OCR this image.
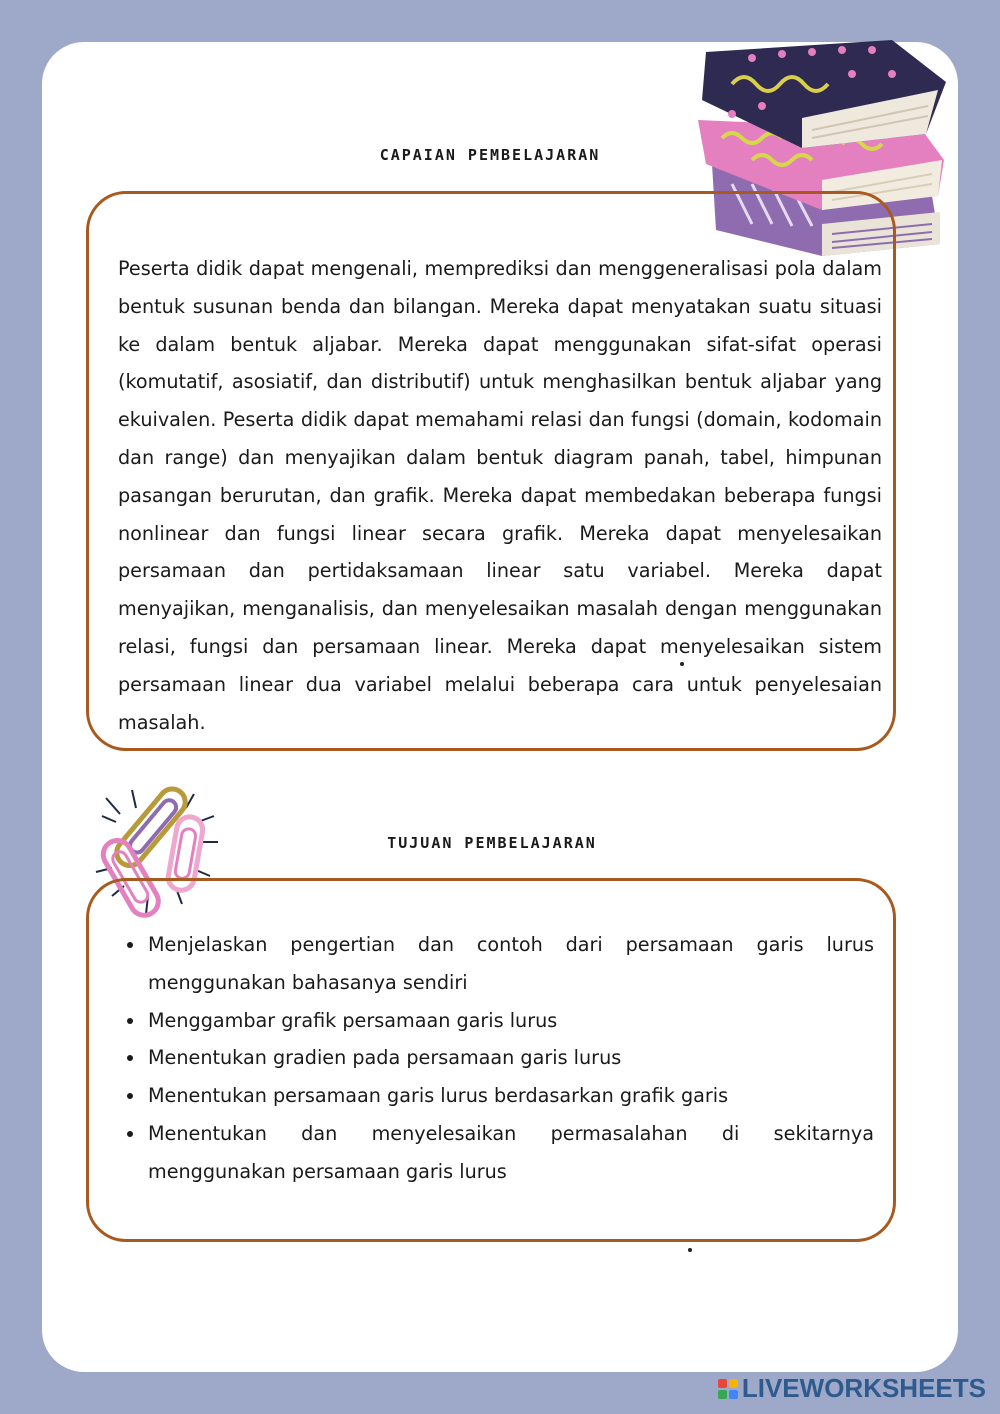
CAPAIAN PEMBELAJARAN

Peserta didik dapat mengenali, memprediksi dan menggeneralisasi pola dalam bentuk susunan benda dan bilangan. Mereka dapat menyatakan suatu situasi ke dalam bentuk aljabar. Mereka dapat menggunakan sifat-sifat operasi (komutatif, asosiatif, dan distributif) untuk menghasilkan bentuk aljabar yang ekuivalen. Peserta didik dapat memahami relasi dan fungsi (domain, kodomain dan range) dan menyajikan dalam bentuk diagram panah, tabel, himpunan pasangan berurutan, dan grafik. Mereka dapat membedakan beberapa fungsi nonlinear dan fungsi linear secara grafik. Mereka dapat menyelesaikan persamaan dan pertidaksamaan linear satu variabel. Mereka dapat menyajikan, menganalisis, dan menyelesaikan masalah dengan menggunakan relasi, fungsi dan persamaan linear. Mereka dapat menyelesaikan sistem persamaan linear dua variabel melalui beberapa cara untuk penyelesaian masalah.

TUJUAN PEMBELAJARAN
Menjelaskan pengertian dan contoh dari persamaan garis lurus menggunakan bahasanya sendiri
Menggambar grafik persamaan garis lurus
Menentukan gradien pada persamaan garis lurus
Menentukan persamaan garis lurus berdasarkan grafik garis
Menentukan dan menyelesaikan permasalahan di sekitarnya menggunakan persamaan garis lurus
LIVEWORKSHEETS
